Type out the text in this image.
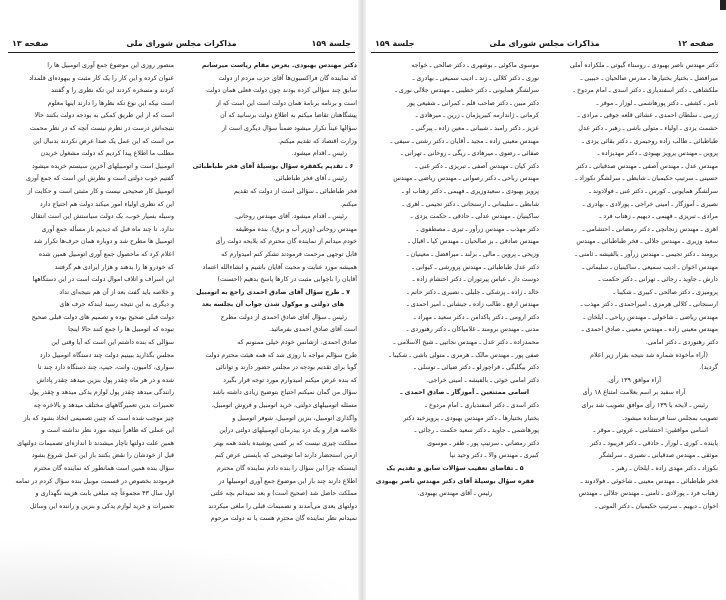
جلسة ۱۵۹
مذاکرات مجلس شورای ملی
صفحه ۱۳
دکتر مهندس بهبودی. بعرض مقام ریاست میرسانم
که نماینده گان فراکسیون‌ها آقای حزب مردم از دولت
سابق چند سؤالی کرده بودند چون دولت فعلی همان دولت
است و برنامه برنامهٔ همان دولت است این است که از
پیشگاهتان تقاضا میکنم به اطلاع دولت برسانید که آن
سؤالها عیناً تکرار میشود ضمناً سؤال دیگری است از
وزارت اقتصاد که تقدیم میکنم.
رئیس ـ اقدام میشود.
۶ ـ تقدیم یکفقره سؤال بوسیلهٔ آقای فخر طباطبائی
رئیس ـ آقای فخر طباطبائی.
فخر طباطبائی ـ سؤالی است از دولت که تقدیم
میکنم.
رئیس ـ اقدام میشود. آقای مهندس روحانی.
مهندس روحانی (وزیر آب و برق). بنده موظیفه
خودم میدانم از نماینده گان محترم که بلایحه دولت رأی
قابل توجهی مرحمت فرمودند تشکر کنم امیدوارم که
همیشه مورد عنایت و محبت آقایان باشیم و انشاءالله اعتماد
آقایان را باجوابی مثبت در کارها پاسخ بدهیم (احسنت)
۷ ـ طرح سؤال آقای صادق احمدی راجع به اتومبیل
های دولتی و موکول شدن جواب آن بجلسه بعد
رئیس ـ سؤال آقای صادق احمدی از دولت مطرح
است آقای صادق احمدی بفرمائید.
صادق احمدی. ازشانس خودم خیلی ممنونم که
طرح سؤالم مواجه با روزی شد که همه هیئت محترم دولت
گوبا برای تقدیم بودجه در مجلس حضور دارند و توانائی
که بنده عرض میکنم امیدوارم مورد توجه قرار بگیرد
سؤال من گمان نمیکنم احتیاج بتوضیح زیادی داشته باشد
مسئله اتومبیلهای دولتی، خرید اتومبیل و فروش اتومبیل،
واگذاری اتومبیل، بنزین اتومبیل، شوفر اتومبیل و
خلاصه هزار و یک درد بیدرمان اتومبیلهای دولتی دراین
مملکت چیزی نیست که بر کسی پوشیده باشد همه بهتر
ازمن استحضار دارند اما توضیحی که بایستی عرض کنم
اینستکه چرا این سؤال را بنده دادم نماینده گان محترم
اطلاع دارند چند بار این موضوع جمع آوری اتومبیلها در
مملکت حاصل شد (صحیح است) و بعد نمیدانم بچه علتی
دولتهای بعدی می‌آمدند و تصمیمات قبلی را ملغی میکردند
نمیدانم نظر نماینده گان محترم هست یا نه دولت مرحوم
منصور روزی این موضوع جمع آوری اتومبیل ها را
عنوان کرده و این کار را یک کار مثبت و بیهوده‌ای قلمداد
کردند و مسخره کردند این تکه نظری را و گفتند
است نیکه این نوع تکه نظرها را دارند اینها معلوم
است که از این طریق کمکی به بودجه دولت بکنند حالا
نتیجه‌اش درست در نظرم نیست آنچه که در نظر محمت
من است که این عمل یک صدا عرض نکردند بدنبال این
مطلب ما اطلاع پیدا کردیم که دولت مشغول خریدن
اتومبیل است و اتومبیلهای آخرین سیستم خریده میشود
گفتیم خوب دولتی است و نظرش این است که جمع آوری
اتومبیل کار صحیحی نیست و کار مثبتی است و حکایت از
این که نظری اولیاء امور میکند دولت هم احتیاج دارد
وسیله بسیار خوب، یک دولت سیاستش این است انتقال
ندارد. تا چند ماه قبل که دیدیم باز مسأله جمع آوری
اتومبیل ها مطرح شد و دوباره همان حرف‌ها تکرار شد
اعلام کرد که ماحصول جمع آوری اتومبیل همین شده
که خودرو ها را بدهند و هزار ایرادی هم گرفتند
این اسراف و اتلاف اموال دولت است در این دستگاهها
و خلاصه باید گفت بعد از آن هم نتیجه‌ای نداد
و دیگری به این نتیجه رسید ایندکه حرف های
دولت قبلی صحیح بوده و تصمیم های دولت قبلی صحیح
نبوده که اتومبیل ها را جمع کنند حالا اینجا
سؤالی که بنده داشتم این است که آیا وقتی این
مجلس بگذارید ببینیم دولت چند دستگاه اتومبیل دارد
سواری، کامیون، وانت، جیپ، چند دستگاه دارد چند تا
شده ‌و در هر ماه چقدر پول بنزین میدهد چقدر پاداش
رانندگی میدهد چقدر پول لوازم یدکی میدهد و چقدر پول
تعمیرات بدین تعمیرگاههای مختلف میدهد و بالاخره چه
چیز موجب شده است که چنین تصمیمی اتخاذ بشود که باز
این عملی که ظاهراً نتیجه مورد نظر نداشته است و
همین علت دولتها ناچار میشدند تا اندازه‌ای تصمیمات دولتهای
قبل از خودشان را نقض بکنند باز این عمل شروع بشود
سؤال بنده همین است همانطور که نماینده گان محترم
فرمودند بخصوص در قسمت موبیل بنده سؤال کردم در تمامه
اول سال ۴۳ مجموعاً چه مبلغی بابت هزینه نگهداری و
تعمیرات و خرید لوازم یدکی و بنزین و راننده این وسائل
صفحه ۱۲
مذاکرات مجلس شورای ملی
جلسة ۱۵۹
دکتر مهندس ناصر بهبودی ـ روستاء گیوتی ـ ملکزاده آملی
میرافضل ـ بختیار بختیارها ـ مدرس صالحیان ـ حبیبی ـ
ملکشاهی ـ دکتر اسفندیاری ـ دکتر اسدی ـ امام مردوخ ـ
نامر ـ کشفی ـ دکتر پورهاشمی ـ لوزار ـ موقر ـ
ژرمی ـ سلطان احمدی ـ عشائی قلعه جوقی ـ مرادی ـ
حشمت یزدی ـ اولیاء ـ متولی باشی ـ رهبر ـ دکتر عدل
طباطبائی ـ طالب زاده روحیمری ـ دکتر بقائی یزدی ـ
پروین ـ مهندس پرویز بهبودی ـ دکتر مهدیزاده ـ
مهندس عدل ـ مهندس آصفی ـ مهندس صدقیانی ـ دکتر
حسینی ـ سرتیپ حکیمیان ـ شابطی ـ سرلشگر نکوزاد ـ
سرلشگر همایونی ـ کورس ـ دکتر غنی ـ فولادوند ـ
نصیری ـ آموزگار ـ امینی خراجی ـ پورلادی ـ بهادری ـ
مرادی ـ تبریزی ـ فهیمی ـ دیهیم ـ زهتاب فرد ـ
اهری ـ مهندس زنجانچی ـ دکتر رمضانی ـ احتشامی ـ
سعید وزیری ـ مهندس جلالی ـ فخر طباطبائی ـ مهندس
برومند ـ دکتر تجیمی ـ مهندس زرآور ـ بالفیشه ـ ثامنی ـ
مهندس اخوان ـ ادیب سمیعی ـ ساکینیان ـ سلیمانی ـ
دارش ـ جاوید ـ رجائی ـ تهرانی ـ دکتر حکمت ـ
پرومیزی ـ دکتر صالحی ـ کبیری ـ شکیبا ـ
ارسنجانی ـ کلالی هرمزی ـ امیراحمدی ـ دکتر مهذب ـ
مهندس ریاضی ـ شاخولی ـ مهندس ریاحی ـ ایلخان ـ
مهندس معینی زاده ـ مهندس معینی ـ صادق احمدی ـ
دکتر رهنوردی ـ دکتر امامی.
(آراء مأخوذه شماره شد نتیجه بقرار زیر اعلام
گردید).
آراء موافق ۱۳۹ رأی.
آراء سفید بر اسم بعلامت امتناع ۱۸ رأی
رئیس ـ لایحه با ۱۳۹ رأی موافق تصویب شد برای
تصویب بمجلس سنا فرستاده میشود.
اسامی موافقین: احتشامی ـ عروتی ـ موقر ـ
پاینده ـ کوری ـ لوزار ـ حاذقی ـ دکتر فریبود ـ دکتر
موثقی ـ مهندس صدقیانی ـ نصیری ـ سرلشگر
نکوزاد ـ دکتر مهدی زاده ـ ایلخان ـ رهبر ـ
فخر طباطبائی ـ مهندس معینی ـ شاخوئی ـ فولادوند ـ
زهتاب فرد ـ پورلادی ـ ثامنی ـ مهندس جلالی ـ مهندس
اخوان ـ دیهیم ـ سرتیپ حکیمیان ـ دکتر الموتی ـ
موسوی ماکوئی ـ بوشهری ـ دکتر صالحی ـ خواجه
نوری ـ دکتر کلالی ـ زند ـ ادیب سمیعی ـ بهادری ـ
سرلشگر همایونی ـ دکتر خطیبی ـ مهندس جلالی نوری ـ
دکتر مبین ـ دکتر صاحب قلم ـ کمرانی ـ شفیعی پور
کرمانی ـ ژاندارمه کبیرپژمان ـ زرین ـ میرهادی ـ
عزیز ـ دکتر رامبد ـ شیبانی ـ معین زاده ـ پیرگنی ـ
مهندس معینی زاده ـ مجید ـ آقایان ـ دکتر رشتی ـ سیفی ـ
صفائی ـ رضوی ـ میرهادی ـ ریگی ـ روحانی ـ تهرانی ـ
دکتر کیان ـ مهندس آصفی ـ تبریزی ـ دکتر غنی ـ
مهندس رباحی ـ دکتر رصوانی ـ مهندس ریاضی ـ مهندس
پرویز بهبودی ـ سعیدوزیری ـ فهیمی ـ دکتر زهتاب او ـ
شابطی ـ سلیمانی ـ ارسنجانی ـ دکتر تجیمی ـ اهری ـ
ساکینیان ـ مهندس عدلی ـ حاذقی ـ حکمت یزدی ـ
دکتر مهذب ـ مهندس زرآور ـ تیری ـ مصطفوی ـ
مهندس صادقی ـ بز صالحیان ـ مهندس کیا ـ اقبال ـ
وزیحی ـ پروین ـ مالی ـ برلند ـ میرافضل ـ معینیان ـ
دکتر عدل طباطبائی ـ مهندس پرورشی ـ کیوانی ـ
دوست دار ـ عباس پیرتوران ـ دکتر احتشام زاده ـ
خالد ـ زاده ـ پزشکی ـ جلیلی ـ نصیری ـ دکتر حاتم ـ
مهندس ارفع ـ طالب زاده ـ جیشانی ـ امیر احمدی ـ
دکتر ارومی ـ دکتر پاکدامن ـ دکتر سعید ـ مهراد ـ
مدنی ـ مهندس برومند ـ غلامپاکان ـ دکتر رهنوردی ـ
محمدزاده ـ دکتر عدل ـ مهندس نجاتیی ـ شیخ الاسلامی ـ
صفی پور ـ مهندس مالک ـ هرمزی ـ متولی باشی ـ شکیبا ـ
دکتر بیگلیگی ـ قراچورلو ـ دکتر ضیائی ـ توسلی ـ
دکتر امامی خوئی ـ بالفیشه ـ امینی خراجی.
اسامی ممتنعین ـ آموزگار ـ صادق احمدی ـ
دکتر اسدی ـ دکتر اسفندیاری ـ امام مردوخ ـ
بختیار بختیارها ـ دکتر مهندس بهبودی ـ پرویزخید دکتر
پورهاشمی ـ جاوید ـ دکتر سعید حکمت ـ رجائی ـ
دکتر رمضانی ـ سرتیپ پور ـ ظفر ـ موسوی
کبیری ـ مهندس والا ـ دکتر وحید نیا
۵ ـ تقاضای تعقیب سؤالات سابق و تقدیم یک
فقره سؤال بوسیلهٔ آقای دکتر مهندس ناصر بهبودی
رئیس ـ آقای مهندس بهبودی.
